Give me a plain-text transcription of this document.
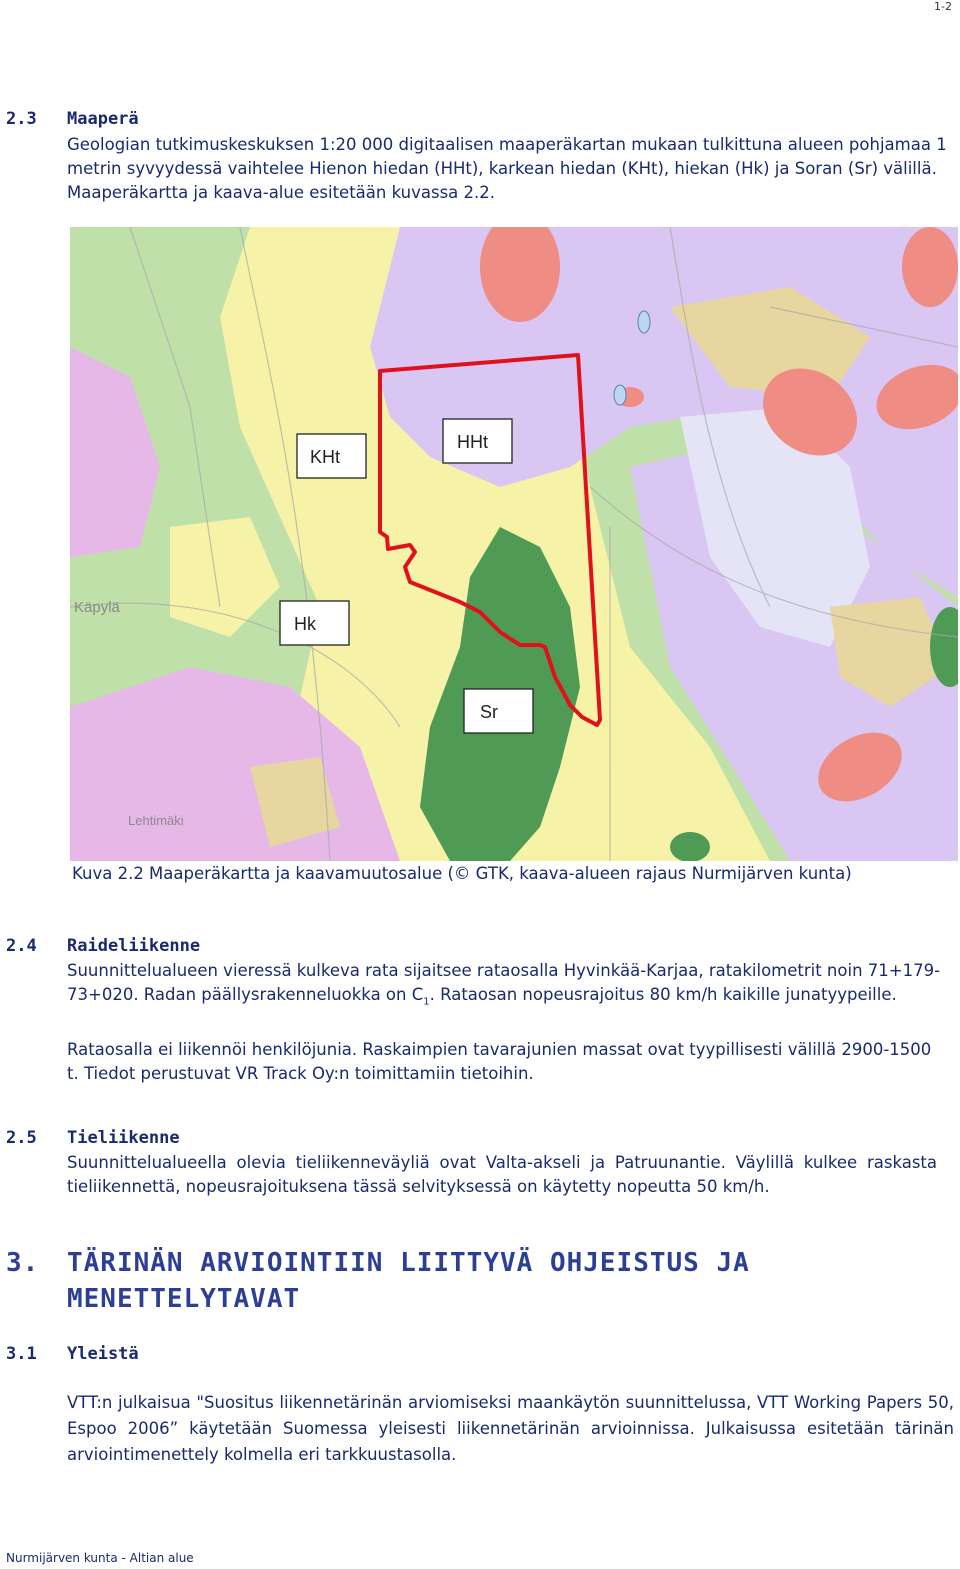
1-2
2.3 Maaperä

Geologian tutkimuskeskuksen 1:20 000 digitaalisen maaperäkartan mukaan tulkittuna alueen pohjamaa 1 metrin syvyydessä vaihtelee Hienon hiedan (HHt), karkean hiedan (KHt), hiekan (Hk) ja Soran (Sr) välillä. Maaperäkartta ja kaava-alue esitetään kuvassa 2.2.

Käpylä
Lehtimäki
KHt
HHt
Hk
Sr
Kuva 2.2 Maaperäkartta ja kaavamuutosalue (© GTK, kaava-alueen rajaus Nurmijärven kunta)
2.4 Raideliikenne

Suunnittelualueen vieressä kulkeva rata sijaitsee rataosalla Hyvinkää-Karjaa, ratakilometrit noin 71+179-73+020. Radan päällysrakenneluokka on $C_1$. Rataosan nopeusrajoitus 80 km/h kaikille junatyypeille.

Rataosalla ei liikennöi henkilöjunia. Raskaimpien tavarajunien massat ovat tyypillisesti välillä 2900-1500 t. Tiedot perustuvat VR Track Oy:n toimittamiin tietoihin.

2.5 Tieliikenne

Suunnittelualueella olevia tieliikenneväyliä ovat Valta-akseli ja Patruunantie. Väylillä kulkee raskasta tieliikennettä, nopeusrajoituksena tässä selvityksessä on käytetty nopeutta 50 km/h.

3. TÄRINÄN ARVIOINTIIN LIITTYVÄ OHJEISTUS JA MENETTELYTAVAT
3.1 Yleistä

VTT:n julkaisua "Suositus liikennetärinän arviomiseksi maankäytön suunnittelussa, VTT Working Papers 50, Espoo 2006” käytetään Suomessa yleisesti liikennetärinän arvioinnissa. Julkaisussa esitetään tärinän arviointimenettely kolmella eri tarkkuustasolla.

Nurmijärven kunta - Altian alue
